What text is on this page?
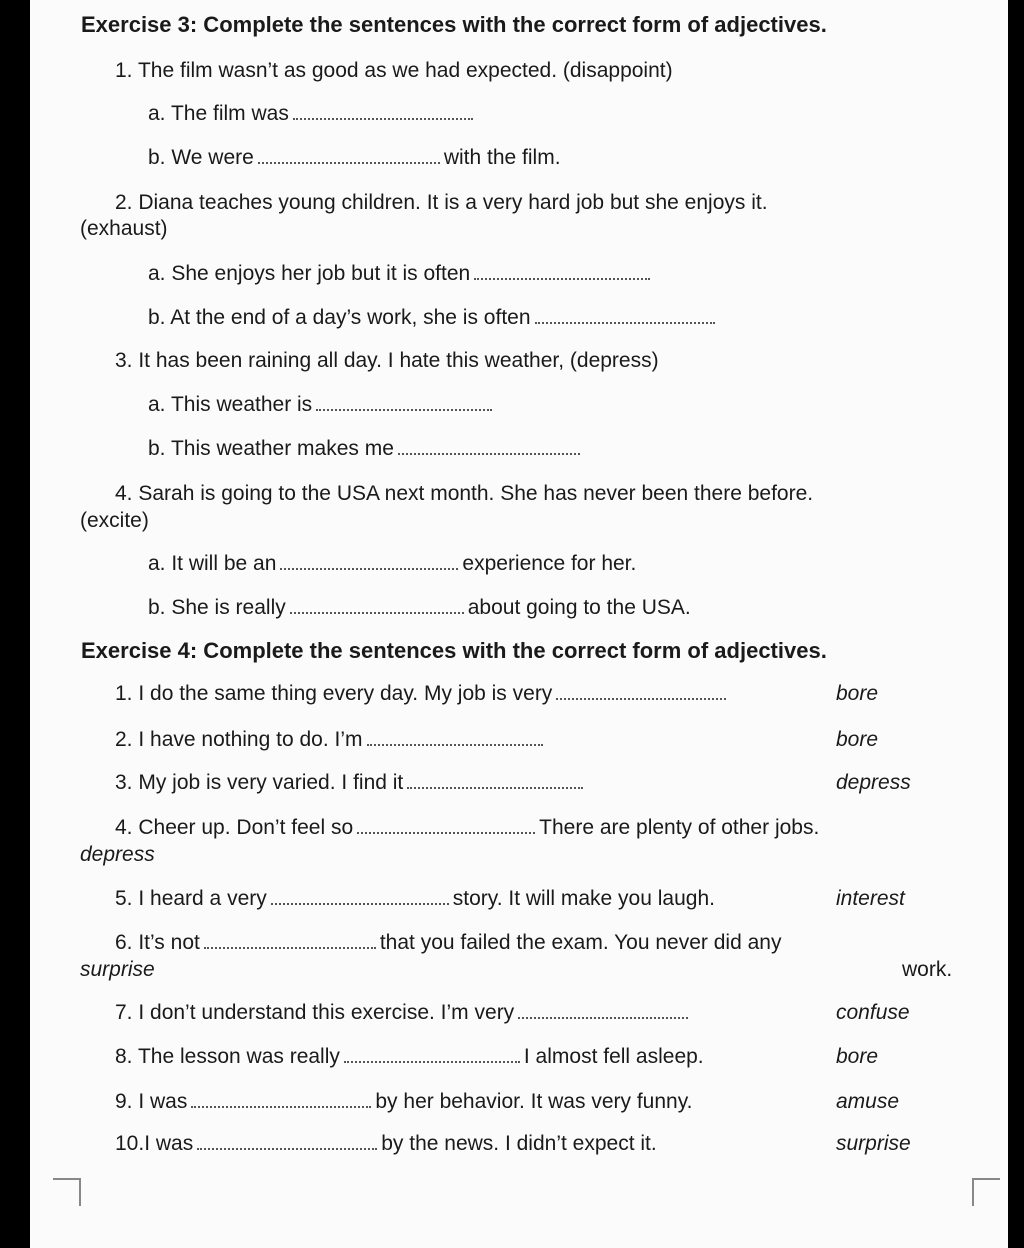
Exercise 3: Complete the sentences with the correct form of adjectives.
1. The film wasn’t as good as we had expected. (disappoint)
a. The film was
b. We were	with the film.
2. Diana teaches young children. It is a very hard job but she enjoys it.
(exhaust)
a. She enjoys her job but it is often
b. At the end of a day’s work, she is often
3. It has been raining all day. I hate this weather, (depress)
a. This weather is
b. This weather makes me
4. Sarah is going to the USA next month. She has never been there before.
(excite)
a. It will be an	experience for her.
b. She is really	about going to the USA.
Exercise 4: Complete the sentences with the correct form of adjectives.
1. I do the same thing every day. My job is very	bore
2. I have nothing to do. I’m	bore
3. My job is very varied. I find it	depress
4. Cheer up. Don’t feel so	There are plenty of other jobs.
depress
5. I heard a very	story. It will make you laugh.	interest
6. It’s not	that you failed the exam. You never did any
surprise	work.
7. I don’t understand this exercise. I’m very	confuse
8. The lesson was really	I almost fell asleep.	bore
9. I was	by her behavior. It was very funny.	amuse
10.I was	by the news. I didn’t expect it.	surprise
